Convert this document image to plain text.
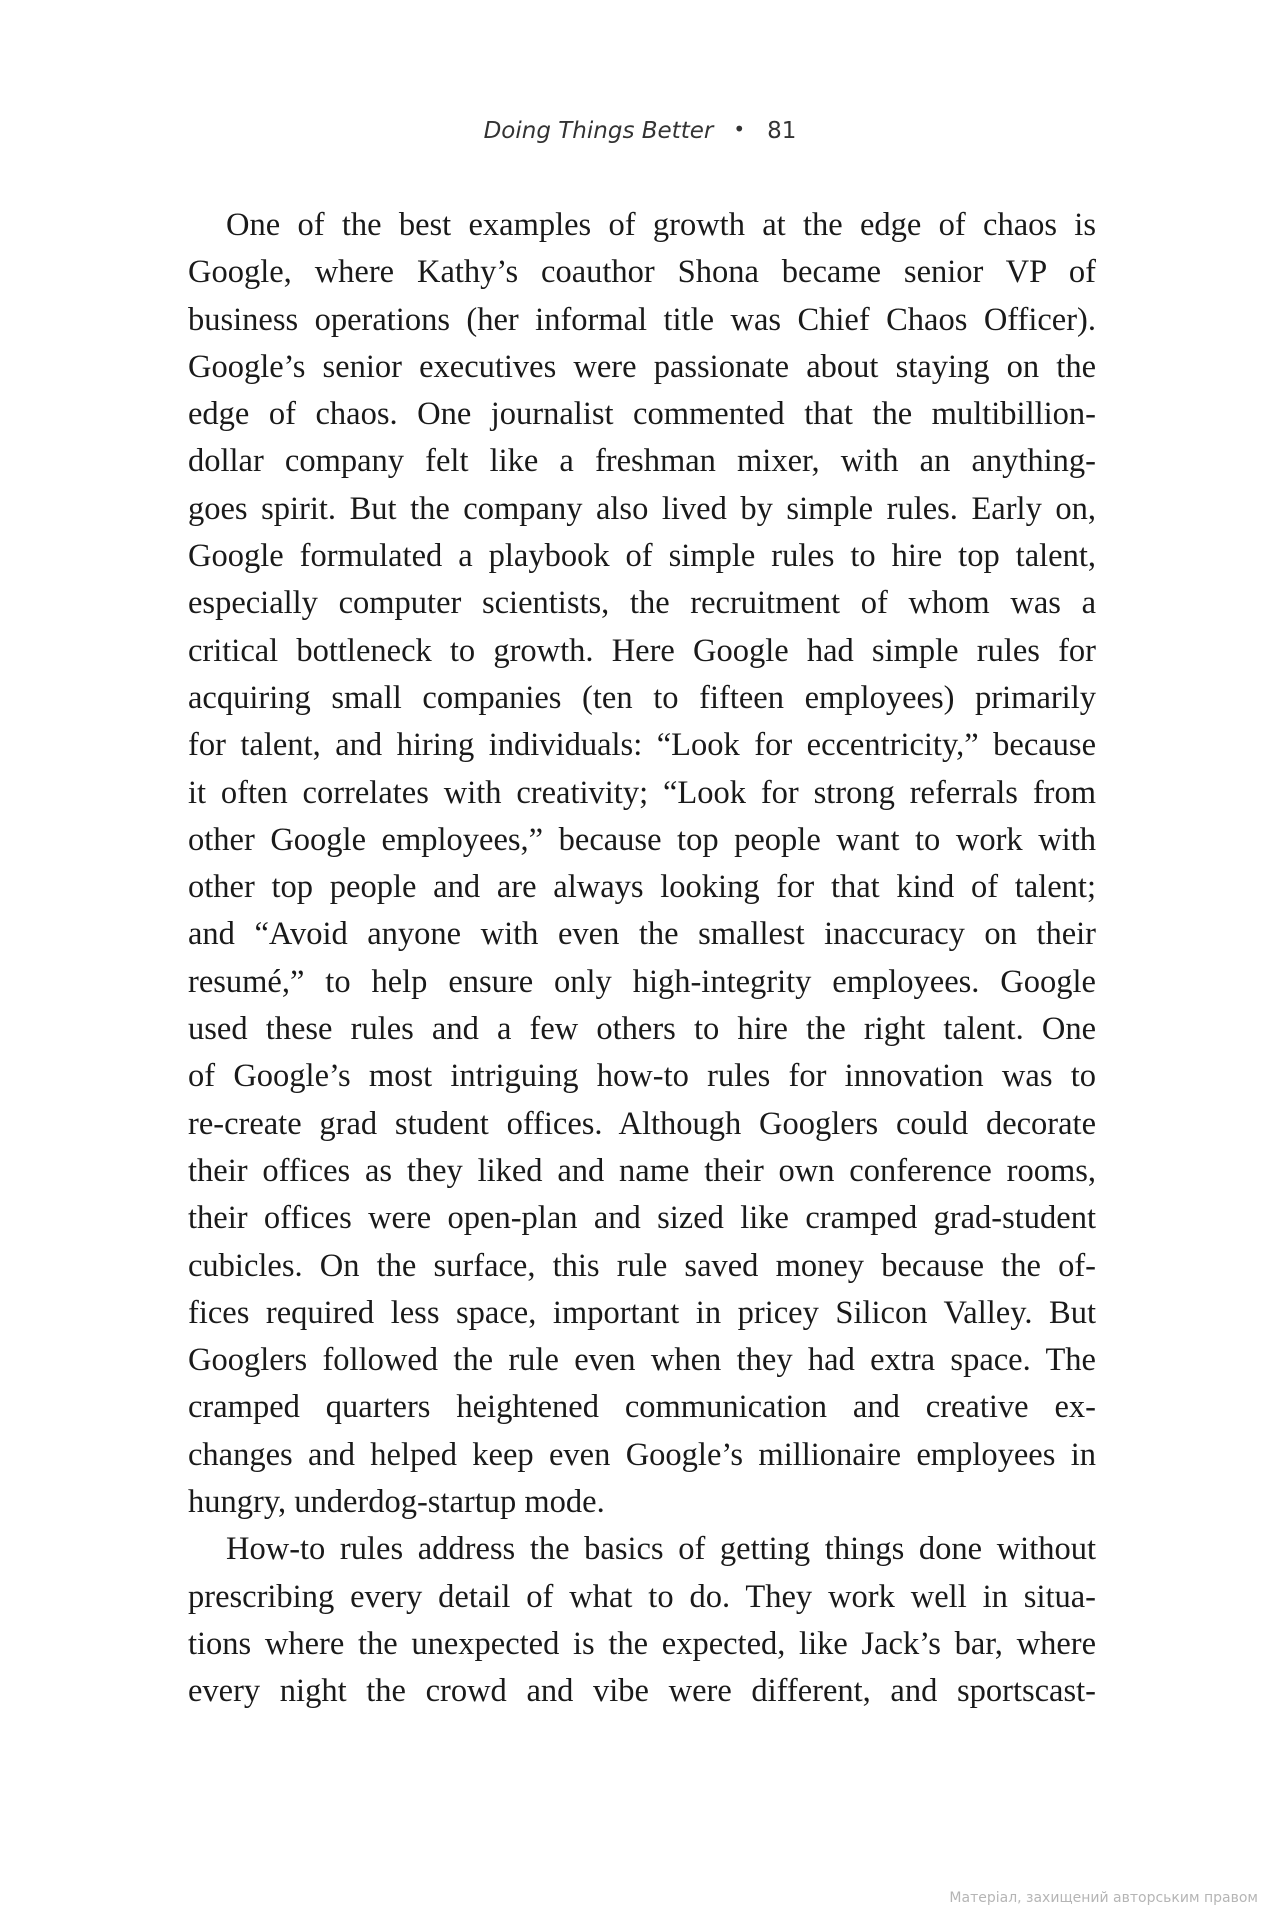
Doing Things Better • 81

One of the best examples of growth at the edge of chaos is
Google, where Kathy’s coauthor Shona became senior VP of
business operations (her informal title was Chief Chaos Officer).
Google’s senior executives were passionate about staying on the
edge of chaos. One journalist commented that the multibillion-
dollar company felt like a freshman mixer, with an anything-
goes spirit. But the company also lived by simple rules. Early on,
Google formulated a playbook of simple rules to hire top talent,
especially computer scientists, the recruitment of whom was a
critical bottleneck to growth. Here Google had simple rules for
acquiring small companies (ten to fifteen employees) primarily
for talent, and hiring individuals: “Look for eccentricity,” because
it often correlates with creativity; “Look for strong referrals from
other Google employees,” because top people want to work with
other top people and are always looking for that kind of talent;
and “Avoid anyone with even the smallest inaccuracy on their
resumé,” to help ensure only high-integrity employees. Google
used these rules and a few others to hire the right talent. One
of Google’s most intriguing how-to rules for innovation was to
re-create grad student offices. Although Googlers could decorate
their offices as they liked and name their own conference rooms,
their offices were open-plan and sized like cramped grad-student
cubicles. On the surface, this rule saved money because the of-
fices required less space, important in pricey Silicon Valley. But
Googlers followed the rule even when they had extra space. The
cramped quarters heightened communication and creative ex-
changes and helped keep even Google’s millionaire employees in
hungry, underdog-startup mode.

How-to rules address the basics of getting things done without
prescribing every detail of what to do. They work well in situa-
tions where the unexpected is the expected, like Jack’s bar, where
every night the crowd and vibe were different, and sportscast-

Матеріал, захищений авторським правом
